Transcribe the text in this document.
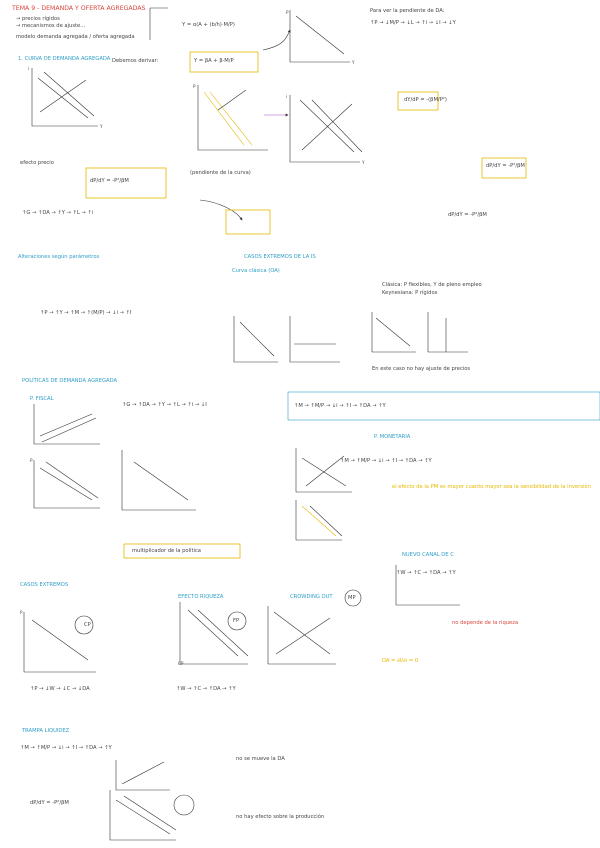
i
Y
P
P
Y
i
Y
P
P
CP
TEMA 9 - DEMANDA Y OFERTA AGREGADAS
→ precios rígidos
→ mecanismos de ajuste...
modelo demanda agregada / oferta agregada
1. CURVA DE DEMANDA AGREGADA Debemos derivar:
Y = α(A + (b/h)·M/P)
Y = βA + β·M/P
Para ver la pendiente de DA:
↑P → ↓M/P → ↓L → ↑i → ↓I → ↓Y
dY/dP = -(βM/P²)
dP/dY = -P²/βM
dP/dY = -P²/βM
efecto precio
dP/dY = -P²/βM
↑G → ↑DA → ↑Y → ↑L → ↑i
(pendiente de la curva)
Alteraciones según parámetros	CASOS EXTREMOS DE LA IS
Curva clásica (OA)
Clásica: P flexibles, Y de pleno empleo
Keynesiana: P rígidos
↑P → ↑Y → ↑M → ↑(M/P) → ↓i → ↑I
En este caso no hay ajuste de precios
POLÍTICAS DE DEMANDA AGREGADA
P. FISCAL
↑G → ↑DA → ↑Y → ↑L → ↑i → ↓I	↑M → ↑M/P → ↓i → ↑I → ↑DA → ↑Y
P. MONETARIA
↑M → ↑M/P → ↓i → ↑I → ↑DA → ↑Y
el efecto de la PM es mayor cuanto mayor sea la sensibilidad de la inversión
multiplicador de la política
CASOS EXTREMOS
EFECTO RIQUEZA	CROWDING OUT
NUEVO CANAL DE C
↑W → ↑C → ↑DA → ↑Y
no depende de la riqueza
DA = ∂I/∂i = 0
↑P → ↓W → ↓C → ↓DA	↑W → ↑C → ↑DA → ↑Y
TRAMPA LIQUIDEZ
↑M → ↑M/P → ↓i → ↑I → ↑DA → ↑Y
dP/dY = -P²/βM
no se mueve la DA
no hay efecto sobre la producción
CP
FP
MP
